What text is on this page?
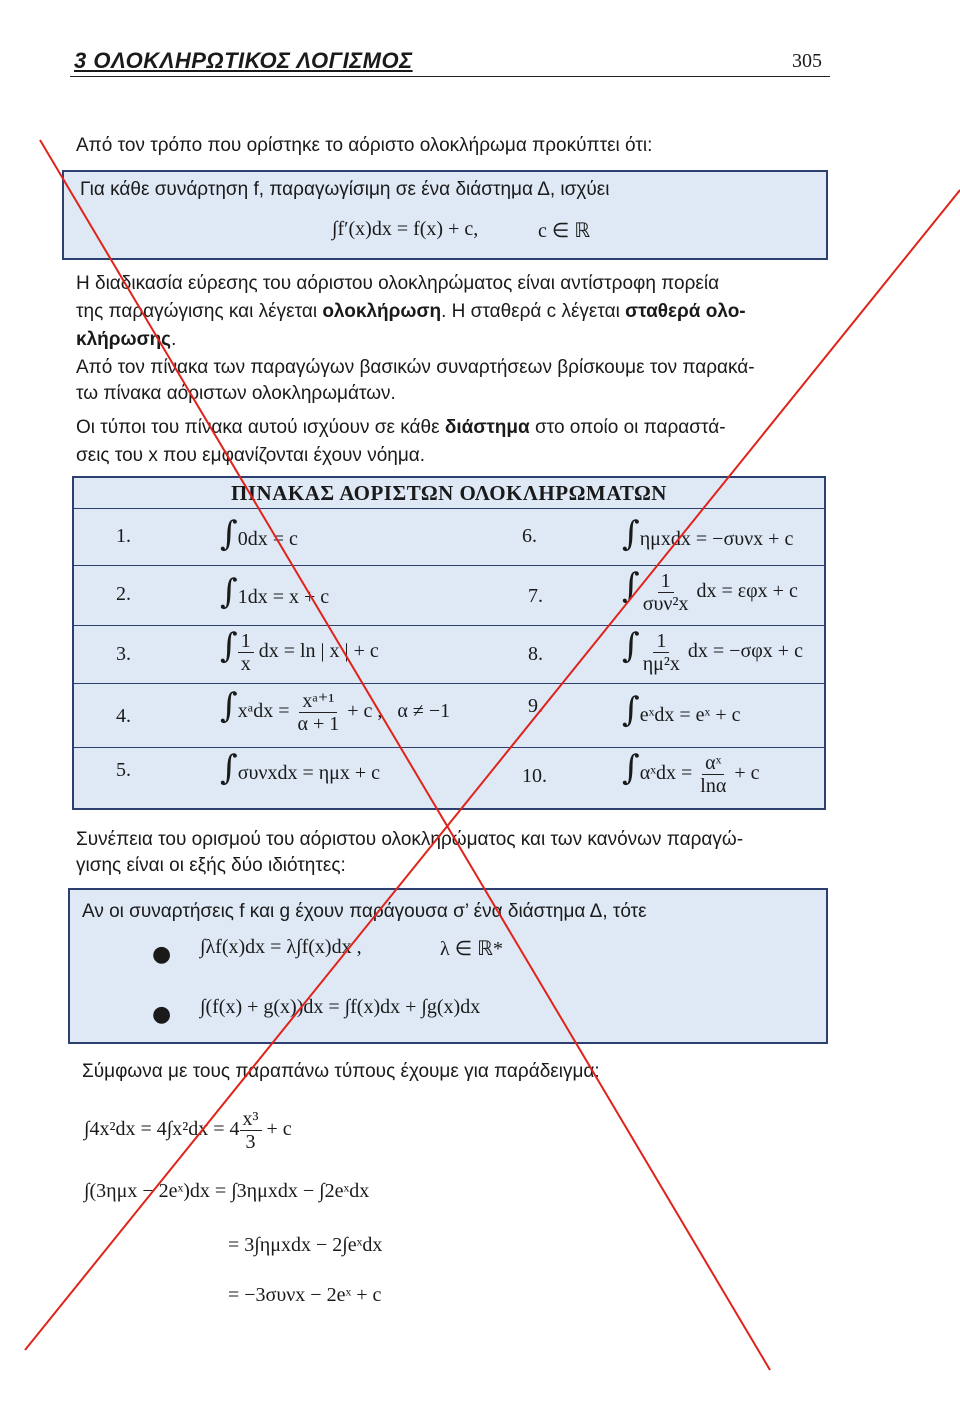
3 ΟΛΟΚΛΗΡΩΤΙΚΟΣ ΛΟΓΙΣΜΟΣ	305
Από τον τρόπο που ορίστηκε το αόριστο ολοκλήρωμα προκύπτει ότι:
Για κάθε συνάρτηση f, παραγωγίσιμη σε ένα διάστημα Δ, ισχύει
∫f′(x)dx = f(x) + c,	c ∈ ℝ
Η διαδικασία εύρεσης του αόριστου ολοκληρώματος είναι αντίστροφη πορεία
της παραγώγισης και λέγεται ολοκλήρωση. Η σταθερά c λέγεται σταθερά ολο-
κλήρωσης.
Από τον πίνακα των παραγώγων βασικών συναρτήσεων βρίσκουμε τον παρακά-
τω πίνακα αόριστων ολοκληρωμάτων.
Οι τύποι του πίνακα αυτού ισχύουν σε κάθε διάστημα στο οποίο οι παραστά-
σεις του x που εμφανίζονται έχουν νόημα.
ΠΙΝΑΚΑΣ ΑΟΡΙΣΤΩΝ ΟΛΟΚΛΗΡΩΜΑΤΩΝ
1.	∫0dx = c	6.	∫ημxdx = −συνx + c
2.	∫1dx = x + c	7. ∫ $\frac{1}{\text{συν²x}}$ dx = εφx + c
3.	∫ $\frac{1}{x}$ dx = ln | x | + c	8. ∫ $\frac{1}{\text{ημ²x}}$ dx = −σφx + c
4.	∫xᵃdx = $\frac{\text{xᵃ⁺¹}}{\alpha + 1} + c$ , α ≠ −1	9. ∫eˣdx = eˣ + c
5.	∫συνxdx = ημx + c	10. ∫αˣdx = $\frac{\text{αˣ}}{\ln\alpha} + c$
Συνέπεια του ορισμού του αόριστου ολοκληρώματος και των κανόνων παραγώ-
γισης είναι οι εξής δύο ιδιότητες:
Αν οι συναρτήσεις f και g έχουν παράγουσα σ’ ένα διάστημα Δ, τότε
● ∫λf(x)dx = λ∫f(x)dx ,	λ ∈ ℝ*
● ∫(f(x) + g(x))dx = ∫f(x)dx + ∫g(x)dx
Σύμφωνα με τους παραπάνω τύπους έχουμε για παράδειγμα:
$\int 4x^2dx = 4\int x^2dx = 4 \frac{\text{x³}}{3} + c$
∫(3ημx − 2eˣ)dx = ∫3ημxdx − ∫2eˣdx
= 3∫ημxdx − 2∫eˣdx
= −3συνx − 2eˣ + c
